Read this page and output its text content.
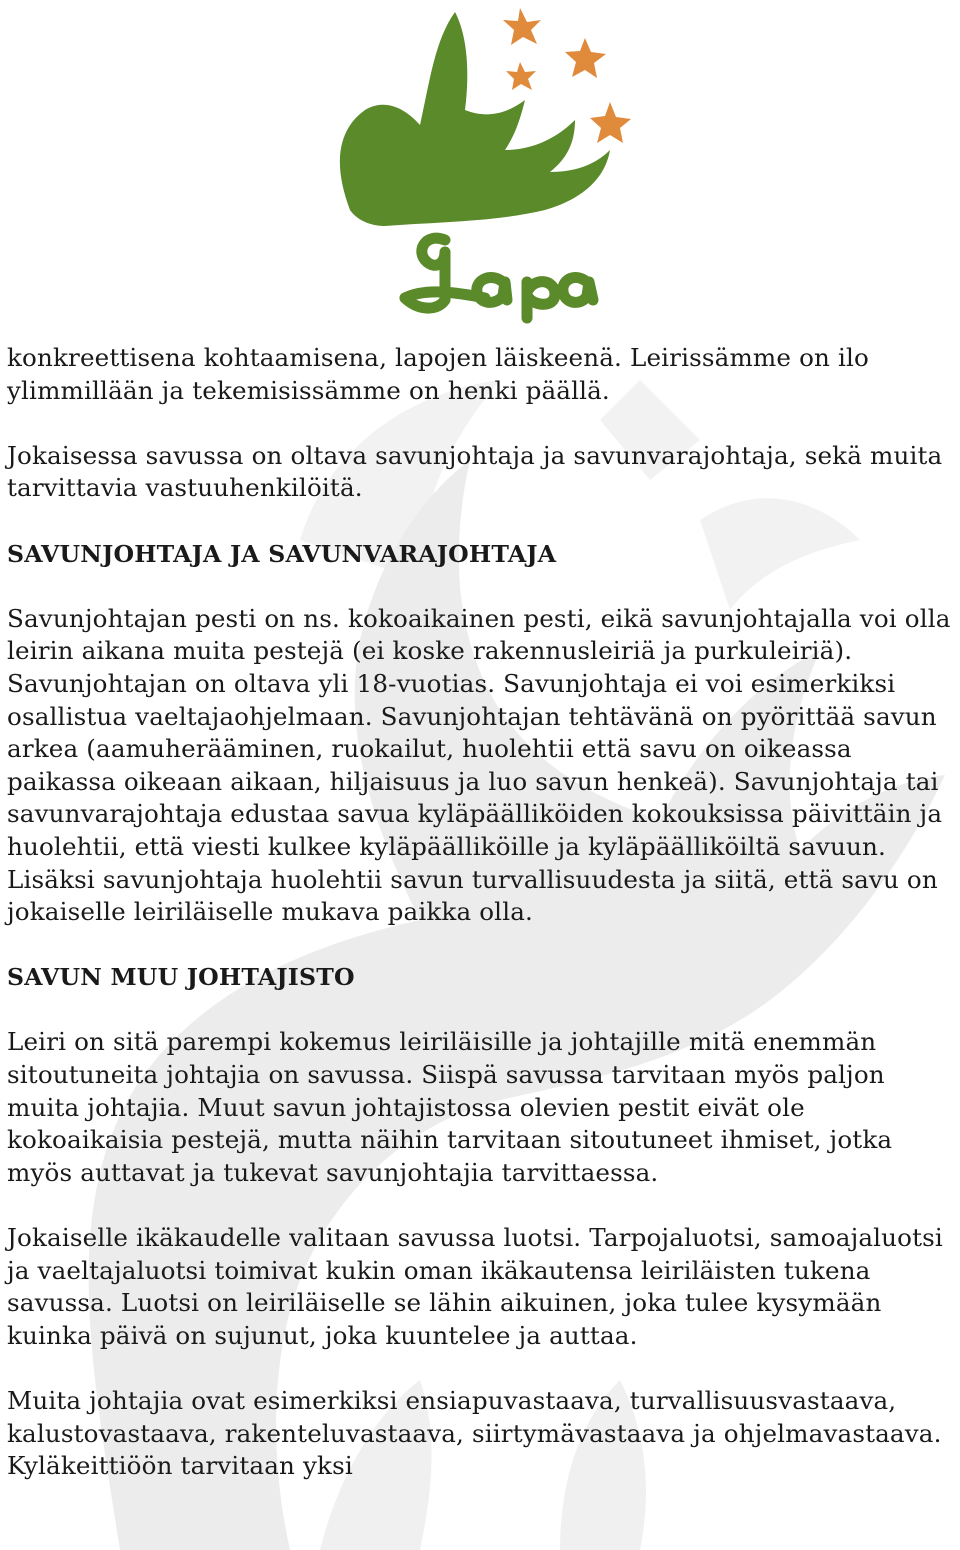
konkreettisena kohtaamisena, lapojen läiskeenä. Leirissämme on ilo ylimmillään ja tekemisissämme on henki päällä.

Jokaisessa savussa on oltava savunjohtaja ja savunvarajohtaja, sekä muita tarvittavia vastuuhenkilöitä.

SAVUNJOHTAJA JA SAVUNVARAJOHTAJA

Savunjohtajan pesti on ns. kokoaikainen pesti, eikä savunjohtajalla voi olla leirin aikana muita pestejä (ei koske rakennusleiriä ja purkuleiriä). Savunjohtajan on oltava yli 18-vuotias. Savunjohtaja ei voi esimerkiksi osallistua vaeltajaohjelmaan. Savunjohtajan tehtävänä on pyörittää savun arkea (aamuherääminen, ruokailut, huolehtii että savu on oikeassa paikassa oikeaan aikaan, hiljaisuus ja luo savun henkeä). Savunjohtaja tai savunvarajohtaja edustaa savua kyläpäälliköiden kokouksissa päivittäin ja huolehtii, että viesti kulkee kyläpäälliköille ja kyläpäälliköiltä savuun. Lisäksi savunjohtaja huolehtii savun turvallisuudesta ja siitä, että savu on jokaiselle leiriläiselle mukava paikka olla.

SAVUN MUU JOHTAJISTO

Leiri on sitä parempi kokemus leiriläisille ja johtajille mitä enemmän sitoutuneita johtajia on savussa. Siispä savussa tarvitaan myös paljon muita johtajia. Muut savun johtajistossa olevien pestit eivät ole kokoaikaisia pestejä, mutta näihin tarvitaan sitoutuneet ihmiset, jotka myös auttavat ja tukevat savunjohtajia tarvittaessa.

Jokaiselle ikäkaudelle valitaan savussa luotsi. Tarpojaluotsi, samoajaluotsi ja vaeltajaluotsi toimivat kukin oman ikäkautensa leiriläisten tukena savussa. Luotsi on leiriläiselle se lähin aikuinen, joka tulee kysymään kuinka päivä on sujunut, joka kuuntelee ja auttaa.

Muita johtajia ovat esimerkiksi ensiapuvastaava, turvallisuusvastaava, kalustovastaava, rakenteluvastaava, siirtymävastaava ja ohjelmavastaava. Kyläkeittiöön tarvitaan yksi
